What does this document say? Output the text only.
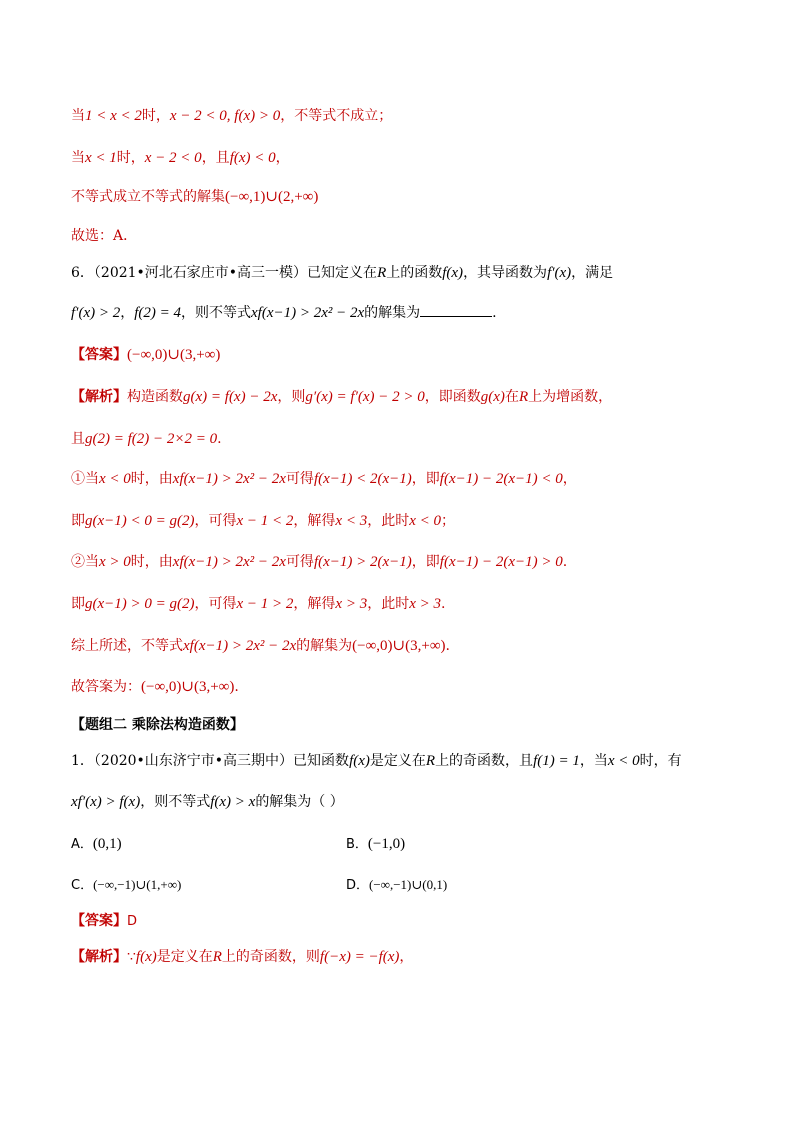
当1 < x < 2时，x − 2 < 0, f(x) > 0，不等式不成立；
当x < 1时，x − 2 < 0，且f(x) < 0，
不等式成立不等式的解集(−∞,1)∪(2,+∞)
故选：A．
6．（2021•河北石家庄市•高三一模）已知定义在R上的函数f(x)，其导函数为f′(x)，满足
f′(x) > 2，f(2) = 4，则不等式xf(x−1) > 2x² − 2x的解集为	.
【答案】(−∞,0)∪(3,+∞)
【解析】构造函数g(x) = f(x) − 2x，则g′(x) = f′(x) − 2 > 0，即函数g(x)在R上为增函数，
且g(2) = f(2) − 2×2 = 0.
①当x < 0时，由xf(x−1) > 2x² − 2x可得f(x−1) < 2(x−1)，即f(x−1) − 2(x−1) < 0，
即g(x−1) < 0 = g(2)，可得x − 1 < 2，解得x < 3，此时x < 0；
②当x > 0时，由xf(x−1) > 2x² − 2x可得f(x−1) > 2(x−1)，即f(x−1) − 2(x−1) > 0.
即g(x−1) > 0 = g(2)，可得x − 1 > 2，解得x > 3，此时x > 3.
综上所述，不等式xf(x−1) > 2x² − 2x的解集为(−∞,0)∪(3,+∞).
故答案为：(−∞,0)∪(3,+∞).
【题组二 乘除法构造函数】
1．（2020•山东济宁市•高三期中）已知函数f(x)是定义在R上的奇函数，且f(1) = 1，当x < 0时，有
xf′(x) > f(x)，则不等式f(x) > x的解集为（ ）
A．(0,1)	B．(−1,0)
C．(−∞,−1)∪(1,+∞)	D．(−∞,−1)∪(0,1)
【答案】D
【解析】∵f(x)是定义在R上的奇函数，则f(−x) = −f(x)，
